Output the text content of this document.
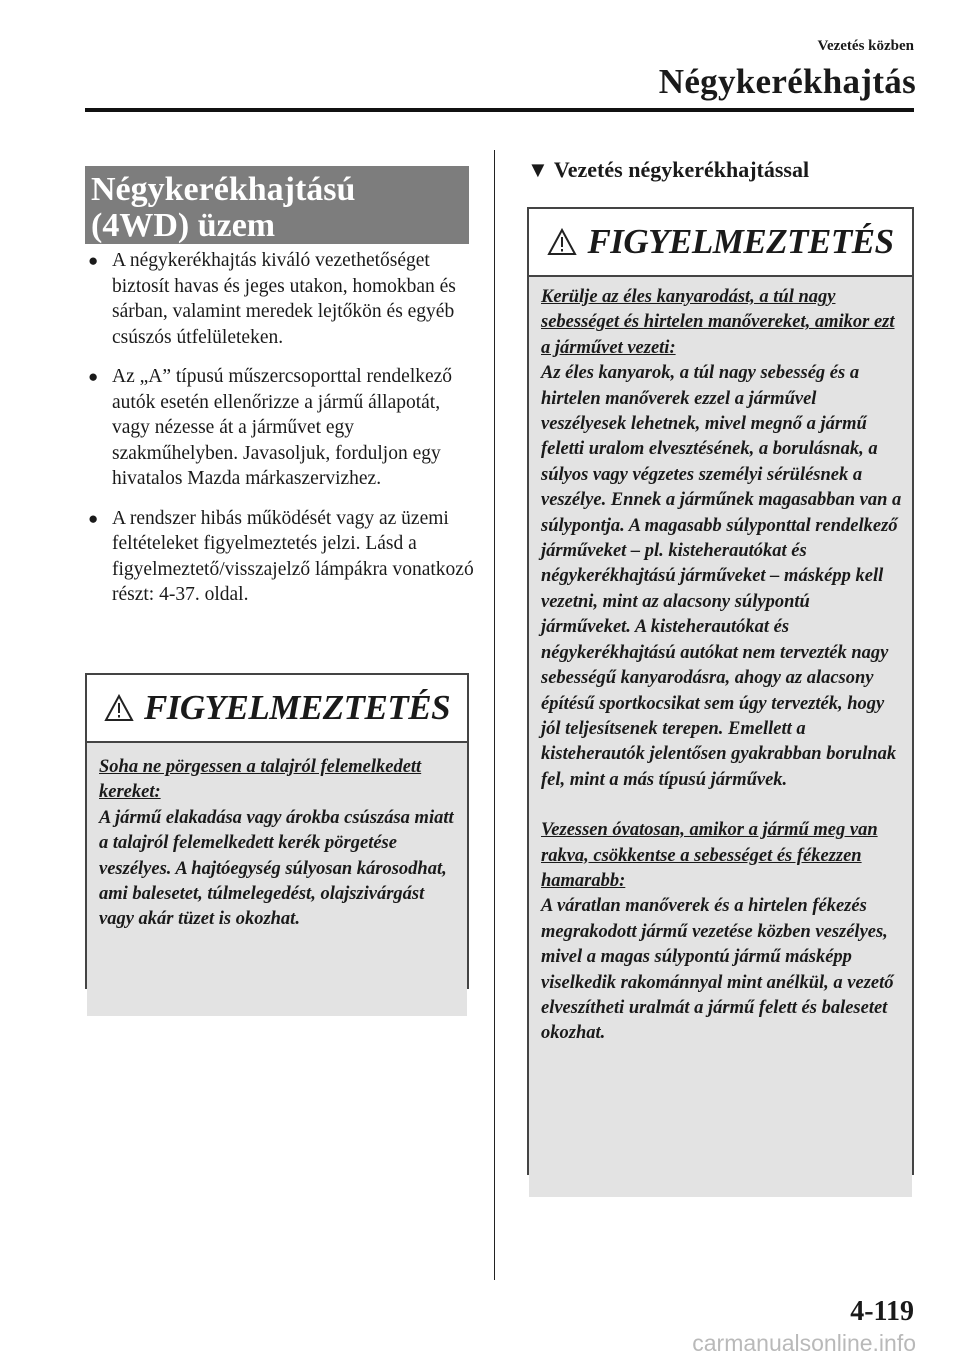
Vezetés közben
Négykerékhajtás
Négykerékhajtású
(4WD) üzem
● A négykerékhajtás kiváló vezethetőséget biztosít havas és jeges utakon, homokban és sárban, valamint meredek lejtőkön és egyéb csúszós útfelületeken.
● Az „A” típusú műszercsoporttal rendelkező autók esetén ellenőrizze a jármű állapotát, vagy nézesse át a járművet egy szakműhelyben. Javasoljuk, forduljon egy hivatalos Mazda márkaszervizhez.
● A rendszer hibás működését vagy az üzemi feltételeket figyelmeztetés jelzi. Lásd a figyelmeztető/visszajelző lámpákra vonatkozó részt: 4-37. oldal.
FIGYELMEZTETÉS

Soha ne pörgessen a talajról felemelkedett kereket:

A jármű elakadása vagy árokba csúszása miatt a talajról felemelkedett kerék pörgetése veszélyes. A hajtóegység súlyosan károsodhat, ami balesetet, túlmelegedést, olajszivárgást vagy akár tüzet is okozhat.

▼ Vezetés négykerékhajtással
FIGYELMEZTETÉS

Kerülje az éles kanyarodást, a túl nagy sebességet és hirtelen manővereket, amikor ezt a járművet vezeti:

Az éles kanyarok, a túl nagy sebesség és a hirtelen manőverek ezzel a járművel veszélyesek lehetnek, mivel megnő a jármű feletti uralom elvesztésének, a borulásnak, a súlyos vagy végzetes személyi sérülésnek a veszélye. Ennek a járműnek magasabban van a súlypontja. A magasabb súlyponttal rendelkező járműveket – pl. kisteherautókat és négykerékhajtású járműveket – másképp kell vezetni, mint az alacsony súlypontú járműveket. A kisteherautókat és négykerékhajtású autókat nem tervezték nagy sebességű kanyarodásra, ahogy az alacsony építésű sportkocsikat sem úgy tervezték, hogy jól teljesítsenek terepen. Emellett a kisteherautók jelentősen gyakrabban borulnak fel, mint a más típusú járművek.

Vezessen óvatosan, amikor a jármű meg van rakva, csökkentse a sebességet és fékezzen hamarabb:

A váratlan manőverek és a hirtelen fékezés megrakodott jármű vezetése közben veszélyes, mivel a magas súlypontú jármű másképp viselkedik rakománnyal mint anélkül, a vezető elveszítheti uralmát a jármű felett és balesetet okozhat.

4-119
carmanualsonline.info
